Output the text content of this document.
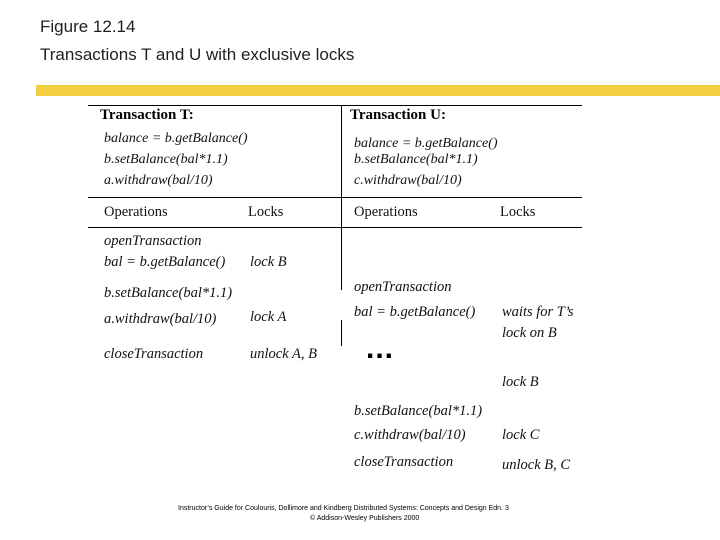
Figure 12.14
Transactions T and U with exclusive locks
Transaction T:
balance = b.getBalance()
b.setBalance(bal*1.1)
a.withdraw(bal/10)
Operations	Locks
openTransaction
bal = b.getBalance() lock B
b.setBalance(bal*1.1)
a.withdraw(bal/10) lock A
closeTransaction	unlock A, B
Transaction U:
balance = b.getBalance()
b.setBalance(bal*1.1)
c.withdraw(bal/10)
Operations	Locks
openTransaction
bal = b.getBalance() waits for T’s
lock on B
...
lock B
b.setBalance(bal*1.1)
c.withdraw(bal/10)	lock C
closeTransaction	unlock B, C
Instructor’s Guide for Coulouris, Dollimore and Kindberg Distributed Systems: Concepts and Design Edn. 3
© Addison-Wesley Publishers 2000
